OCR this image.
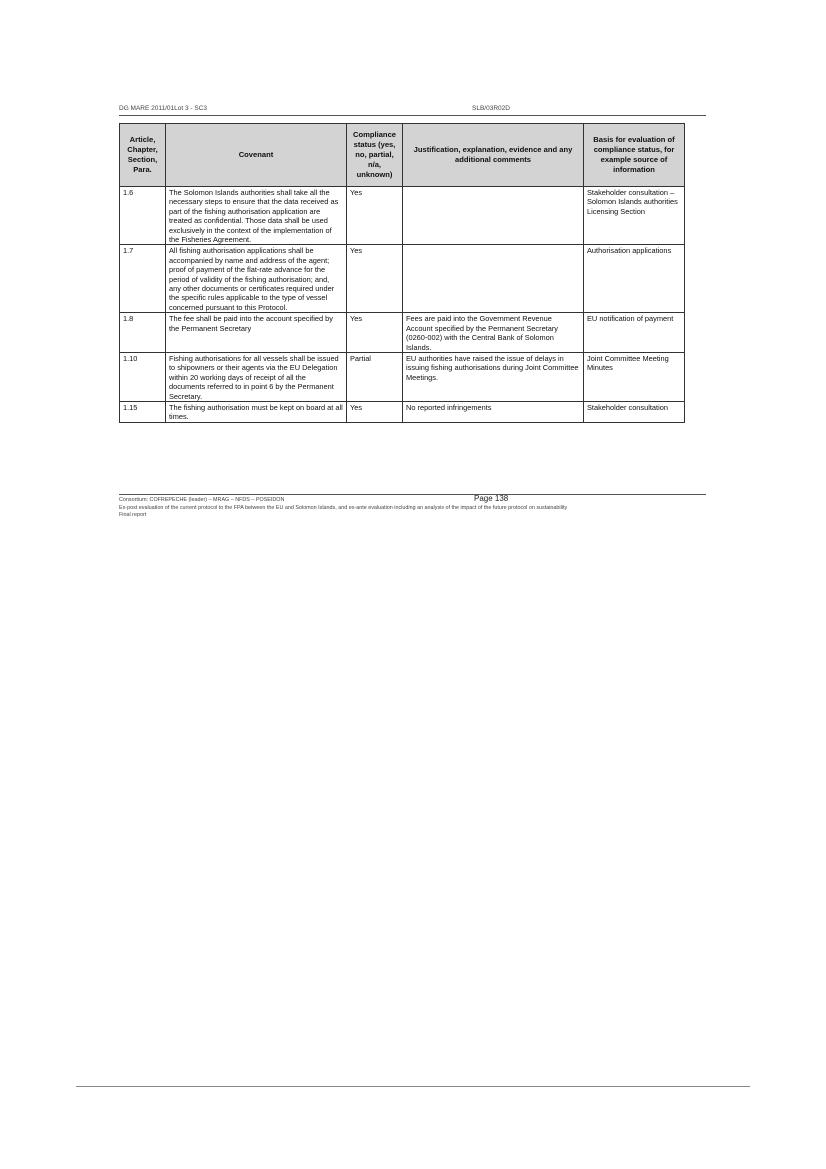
DG MARE 2011/01Lot 3 - SC3	SLB/03R02D
Article, Chapter, Section, Para.	Covenant	Compliance status (yes, no, partial, n/a, unknown)	Justification, explanation, evidence and any additional comments	Basis for evaluation of compliance status, for example source of information
1.6	The Solomon Islands authorities shall take all the necessary steps to ensure that the data received as part of the fishing authorisation application are treated as confidential. Those data shall be used exclusively in the context of the implementation of the Fisheries Agreement.	Yes		Stakeholder consultation – Solomon Islands authorities Licensing Section
1.7	All fishing authorisation applications shall be accompanied by name and address of the agent; proof of payment of the flat-rate advance for the period of validity of the fishing authorisation; and, any other documents or certificates required under the specific rules applicable to the type of vessel concerned pursuant to this Protocol.	Yes		Authorisation applications
1.8	The fee shall be paid into the account specified by the Permanent Secretary	Yes	Fees are paid into the Government Revenue Account specified by the Permanent Secretary (0260-002) with the Central Bank of Solomon Islands.	EU notification of payment
1.10	Fishing authorisations for all vessels shall be issued to shipowners or their agents via the EU Delegation within 20 working days of receipt of all the documents referred to in point 6 by the Permanent Secretary.	Partial	EU authorities have raised the issue of delays in issuing fishing authorisations during Joint Committee Meetings.	Joint Committee Meeting Minutes
1.15	The fishing authorisation must be kept on board at all times.	Yes	No reported infringements	Stakeholder consultation
Consortium: COFREPECHE (leader) – MRAG – NFDS – POSEIDON	Page 138
Ex-post evaluation of the current protocol to the FPA between the EU and Solomon Islands, and ex-ante evaluation including an analysis of the impact of the future protocol on sustainability
Final report
